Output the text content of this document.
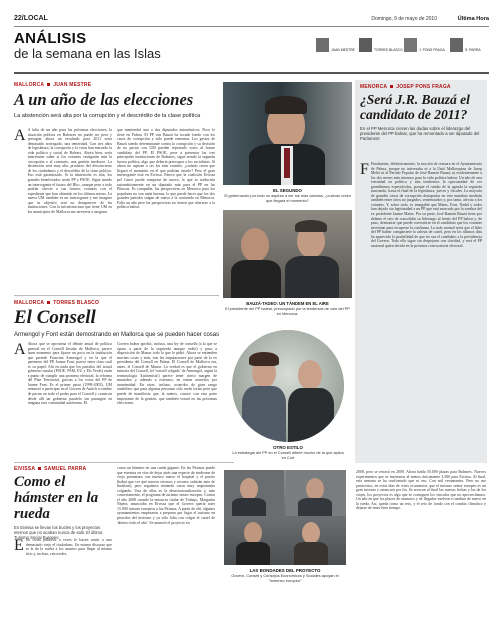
22/LOCAL	Domingo, 9 de mayo de 2010	Última Hora
ANÁLISIS
de la semana en las Islas	JUAN MESTRE	TORRES BLASCO	J. PONS FRAGA	S. PARRA
MALLORCA JUAN MESTRE
A un año de las elecciones

La abstención será alta por la corrupción y el descrédito de la clase política

A A falta de un año para las próximas elecciones, la situación política en Baleares no puede ser peor y presagiar ahora un resultado para 2011 sería demasiado arriesgado, una temeridad. Con tres años de legislatura, la corrupción y la crisis han marcado la vida política y social de Balears. Ahora bien, sería interesante saber si los votantes castigarán más la corrupción o al contrario, una gestión mediocre. La abstención será muy alta, producto del desconcierto de los ciudadanos y el descrédito de la clase política. Eso está garantizado. Si la abstención es alta, los grandes beneficiados serán PP y PSOE. Sigue siendo un interrogante el futuro del Bloc, aunque pese a todo podrán ofrecer a sus futuros votantes con el expediente que han obtenido en los últimos meses. La nueva UM también es un interrogante y me imagino que su objetivo será no desaparecer de las instituciones. Con la infraestructura que tiene UM en los municipios de Mallorca me atrevería a asegurar

que mantendrá uno o dos diputados autonómicos. Poco le tiene en Palma. El PP con Bauzá ha tocado fondo con los casos de corrupción y sólo puede remontar. Los gestos de Bauzá siendo determinante contra la corrupción y su decisión de no pactar con UM pueden reportarle votos al futuro candidato del PP. El PSOE, pese a presentar las tres principales instituciones de Baleares, sigue siendo la segunda fuerza política, algo que debería preocupar a los socialistas. Si ahora no aspiran a ser los más votados, ¿cuándo creen que llegará el momento en el que podrían estarlo? Pero el gran interrogante está en Eivissa. Parece que la coalición Eivissa pel Canvi puede romperse de nuevo, lo que se traduciría automáticamente en un diputado más para el PP en las Pitiusas. Es compañía, las perspectivas en Menorca para los populares no son nada buenas, lo que puede hacer que los dos grandes partidos salgan de nuevo a la contienda en Menorca. Falta un año pero las perspectivas no tienen que alterarse a la política balear.

EL SEGUNDO

Si gobernando por todo no aspiran a ser los más votados, ¿cuándo creen que llegará el momento?

BAUZÁ-TADEO: UN TÁNDEM EN EL AIRE

El presidente del PP balear, preocupado por la tendencia de voto del PP en Menorca.

MALLORCA TORRES BLASCO
El Consell

Armengol y Font están demostrando en Mallorca que se pueden hacer cosas

A Ahora que se aproxima el debate anual de política general en el Consell Insular de Mallorca, parece buen momento para fijarse un poco en la institución que preside Francina Armengol y en la que el partenero del PP, Jaume Font, parece tener claro cuál es su papel. Ahí en nada que los partidos del actual gobierno insular (PSOE, PSM, EU y Els Verds) están a punto de cumplir una promesa electoral, la reforma del Plan Territorial, gracias a los votos del PP de Jaume Font. Es el primer pacto (1999-2003), UM renunció a participar en el Govern de Antich a cambio de pactar en todo el poder para el Consell y construir desde allí un gobierno paralelo sin parangón en ninguna otra comunidad autónoma. El

Govern balear aprobó, incluso, una ley de consells (a la que se opuso a parte de la izquierda aunque cedió) y puso a disposición de Munar todo lo que le pidió. Ahora se entienden muchas cosas y más, tras las imputaciones por parte de la ex presidenta del Consell en Palma. El Consell de Mallorca era, antes, el Consell de Munar. La verdad es que el gobierno en minoría del Consell, (el 'consell colgado' de Armengol, según la terminología 'kitchenista') parece tener cierto margen de maniobra y, además a extensos, en temas acuerdos por unanimidad. En otras, incluso, acuerdos de gran rango simbólico que para algunas personas sólo serán tortas pero que puede de manifiesto que, al menos, conoce con esta parte importante de la gestión, que también votará en las próximas elecciones.

OTRO ESTILO

La estrategia del PP en el Consell difiere mucho de la que aplica en Cort

EIVISSA SAMUEL PARRA
Como el hámster en la rueda

En Eivissa se llevan los bucles y los proyectos eternos que no acaban nunca de salir. El último: Turismo Social Europeo

E En cosas públicas a veces le hacen sentir a uno demasiado viejo el ciudadano. Un mismo discurso que se le da la vuelta a los asuntos para llegar al mismo sitio y, incluso, retroceder,

como un hámster en una rueda gigante. En las Pitiusas puede que estemos en vías de dejar atrás una especie de síndrome de viejo prematuro con nuestro nuevo el hospital y el puerto (habrá que ver qué nuevos retrasos y revueos sufrirán ante de finalizar), pero seguimos teniendo casos muy importantes colgando. Una de ellas es la desestacionalización y, más concretamente, el programa de turismo senior europeo. Contra el año 2008 cuando la entonces titular de Trabajo, Margarita Nájera, anunciaba en Eivissa que el Govern quería traer 15.000 turistas europeos a las Pitiusas. A partir de ahí, algunos ayuntamientos empezaron a preparar por lugar el turismo en periodos del invierno y ya sólo falta con colgar el cartel de 'abierto todo el año'. Se anunció el proyecto en

LAS BONDADES DEL PROYECTO

Govern, Consell y Consejos Económicos y Sociales apoyan el "inmenso europeo"

MENORCA JOSEP PONS FRAGA
¿Será J.R. Bauzá el candidato de 2011?

En el PP Menorca crecen las dudas sobre el liderazgo del presidente del PP balear, que ha remontado a ser diputado del Parlament

F Finalmente, definitivamente, la moción de censura en el Ayuntamiento de Palma, porque no interesaba ni a la Unió Mallorquina de Josep Melià ni al Partido Popular de José Ramón Bauzá, ni evidentemente a los dos meses más intensos para la vida política balear. Un año de una eternidad en política y aún tendremos la oportunidad de ver grandísimos espectáculos, porque el rumbo de la agenda la seguirán marcando, hasta el final de la legislatura, jueces y fiscales. La mayoría de grandes casos de corrupción destapados en este mandato medirán también entre otros no juzgados, sentenciados y, por tanto, afectar a los votantes. Y, sobre todo, es innegable que Matas, Font, Nadal y todos han dejado sin legitimidad a un PP que está marcado por la sombra del ex presidente Jaume Matas. Por su parte, José Ramón Bauzá tiene por delante el reto de consolidar su liderazgo al frente del PP balear y, de paso, demostrar que puede convertirse en el candidato que los votantes necesitan para recuperar la confianza. Lo más normal sería que el líder del PP balear compartiese la cabeza de cartel, pero en los últimos días ha aparecido la posibilidad de que no sea el candidato a la presidencia del Govern. Todo ello sigue sin despejarse con claridad, y será el PP nacional quien decida en la próxima convocatoria electoral.

2008, pero se retrasó en 2009. Ahora habla 50.000 plazas para Baleares. Nuevos experimentos que se insertaron al menos únicamente 3.500 para Eivissa. Al final, esta semana se ha confirmado que ni eso. Con mil veraneantes. Pero no me pronostico, en estos días de crisis económica, que el turismo senior europeo es un gran invento y arrancará por fin. Se acercan al final las nuevas fechas y las de los viajes, los proyectos es algo que se consiguen los vinculos que no aprovechamos. Un año en que los plazos de anuncios y de llegadas vuelven a cambiar de nuevo en la rueda. Así, queda como un reto, y el reto de fondo con el cambio climático y dejarse de tener bien tiempo.
